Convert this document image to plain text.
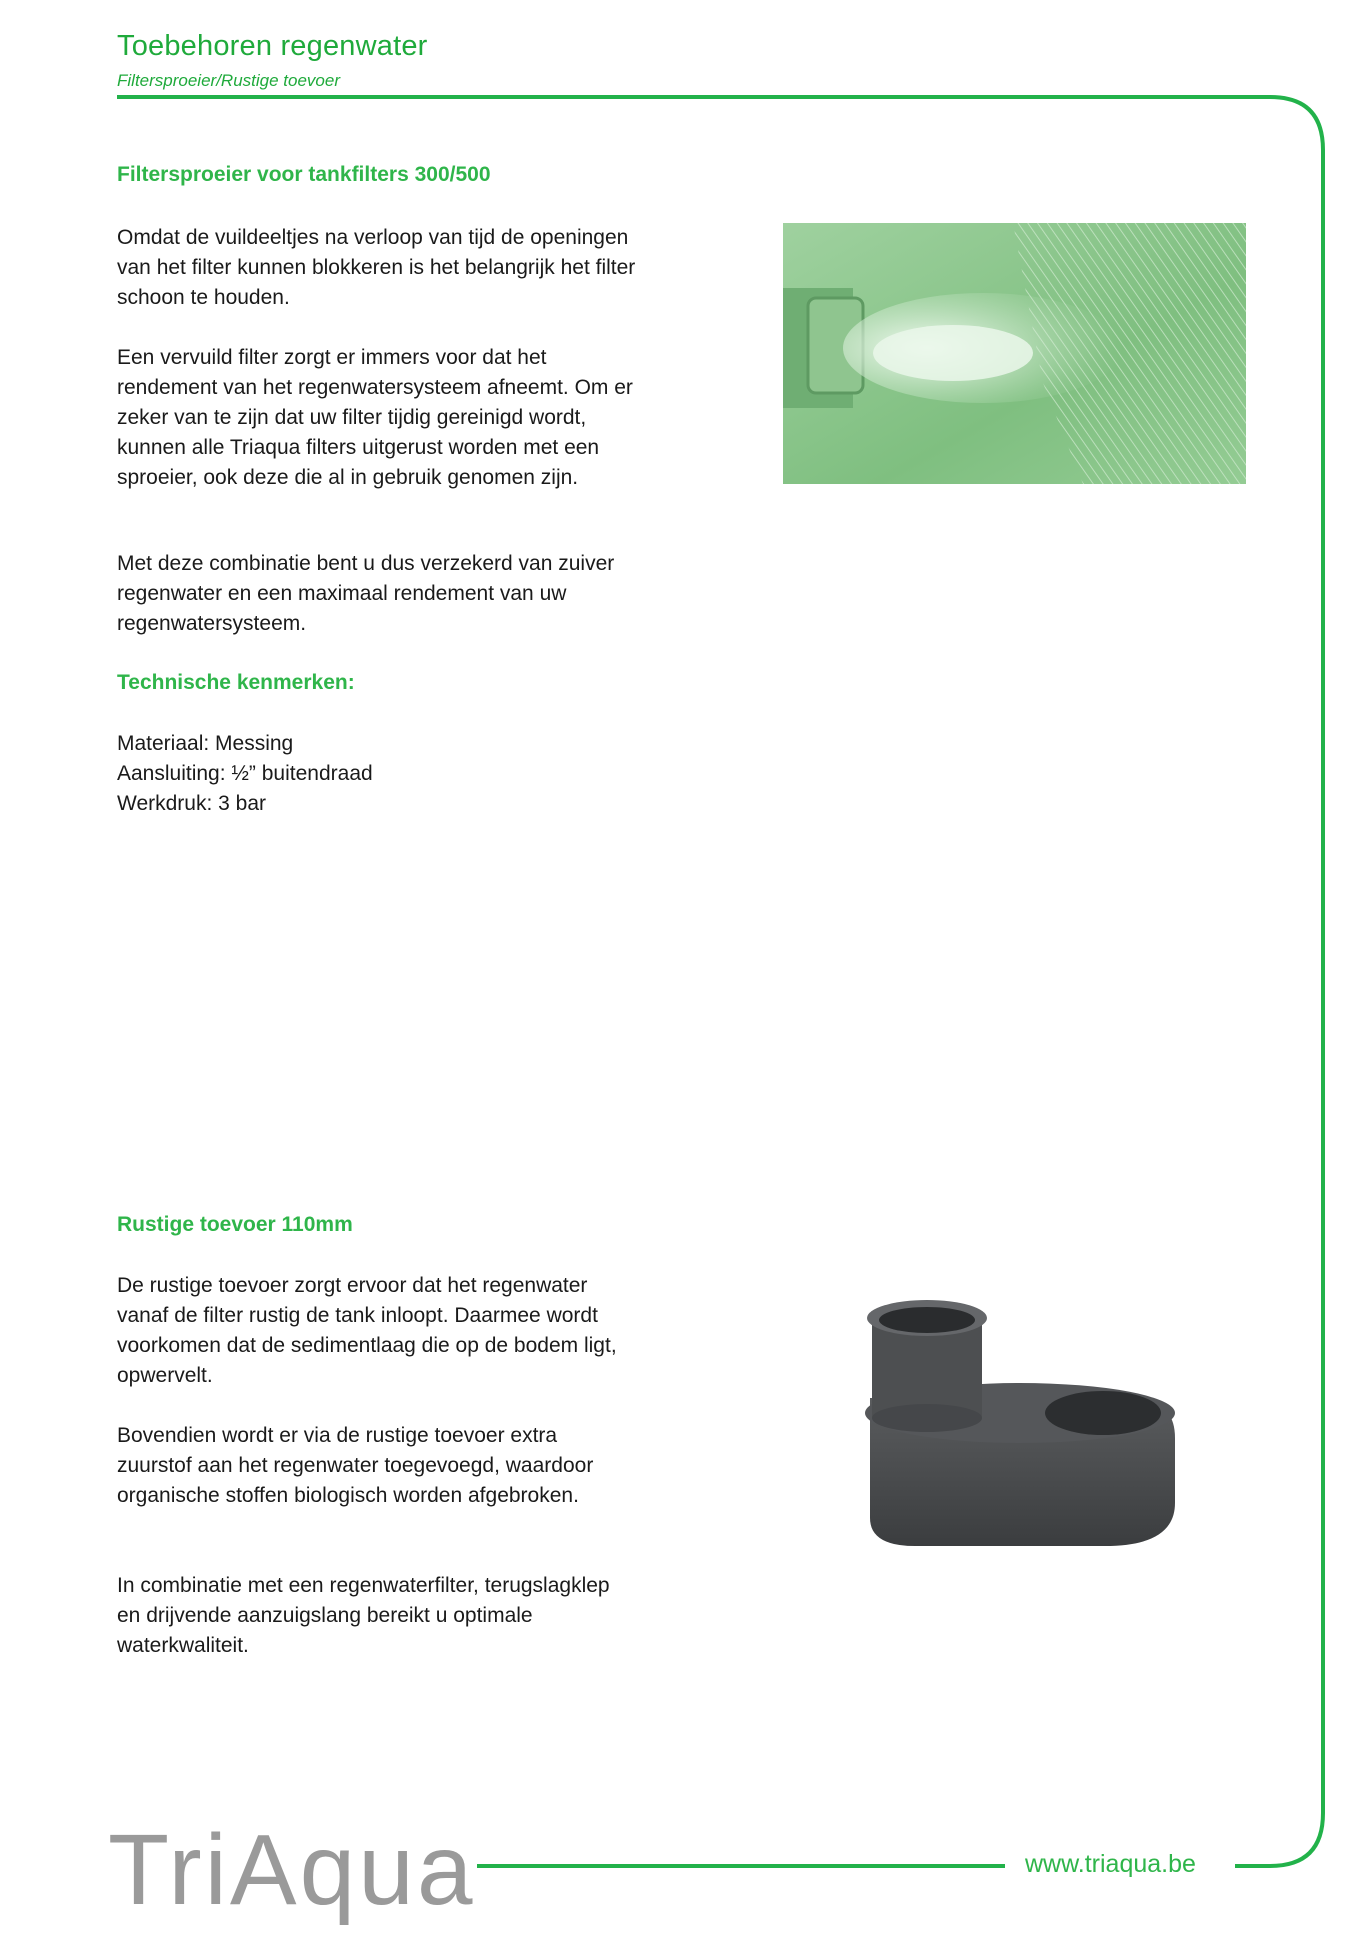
Toebehoren regenwater
Filtersproeier/Rustige toevoer
Filtersproeier voor tankfilters 300/500

Omdat de vuildeeltjes na verloop van tijd de openingen van het filter kunnen blokkeren is het belangrijk het filter schoon te houden.

Een vervuild filter zorgt er immers voor dat het rendement van het regenwatersysteem afneemt. Om er zeker van te zijn dat uw filter tijdig gereinigd wordt, kunnen alle Triaqua filters uitgerust worden met een sproeier, ook deze die al in gebruik genomen zijn.

Met deze combinatie bent u dus verzekerd van zuiver regenwater en een maximaal rendement van uw regenwatersysteem.

Technische kenmerken:
Materiaal: Messing
Aansluiting: ½” buitendraad
Werkdruk: 3 bar
Rustige toevoer 110mm

De rustige toevoer zorgt ervoor dat het regenwater vanaf de filter rustig de tank inloopt. Daarmee wordt voorkomen dat de sedimentlaag die op de bodem ligt, opwervelt.

Bovendien wordt er via de rustige toevoer extra zuurstof aan het regenwater toegevoegd, waardoor organische stoffen biologisch worden afgebroken.

In combinatie met een regenwaterfilter, terugslagklep en drijvende aanzuigslang bereikt u optimale waterkwaliteit.

TriAqua	www.triaqua.be
